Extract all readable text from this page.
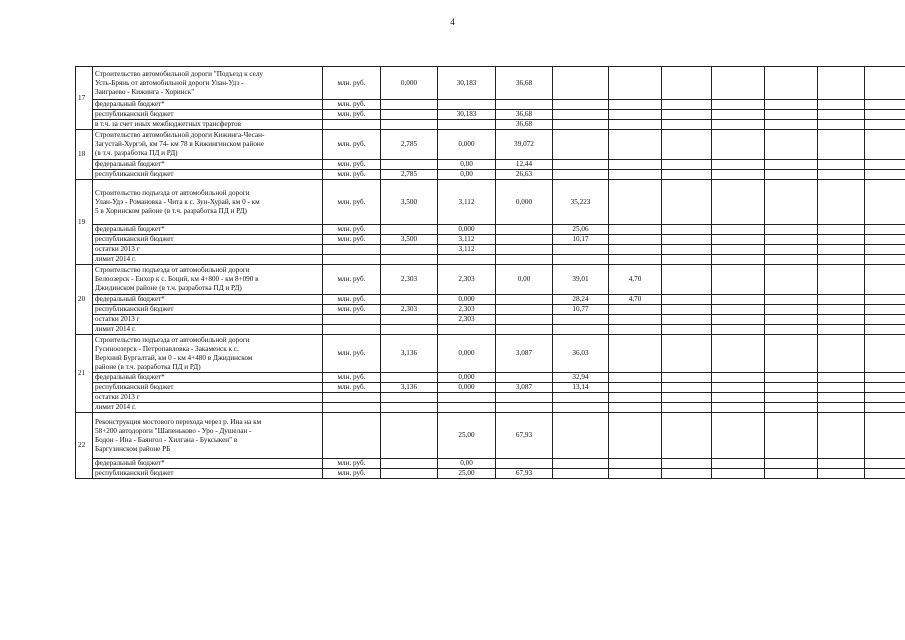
4
17	Строительство автомобильной дороги "Подъезд к селу
Усть-Брянь от автомобильной дороги Улан-Удэ -
Заиграево - Кижинга - Хоринск"	млн. руб.	0,000	30,183	36,68							

	федеральный бюджет*	млн. руб.										

	республиканский бюджет	млн. руб.		30,183	36,68							

	в т.ч. за счет иных межбюджетных трансфертов				36,68							
18	Строительство автомобильной дороги Кижинга-Чесан-
Загустай-Хургэй, км 74- км 78 в Кижингинском районе
(в т.ч. разработка ПД и РД)	млн. руб.	2,785	0,000	39,072							

	федеральный бюджет*	млн. руб.		0,00	12,44							

	республиканский бюджет	млн. руб.	2,785	0,00	26,63							
19	Строительство подъезда от автомобильной дороги
Улан-Удэ - Романовка - Чита к с. Зун-Хурай, км 0 - км
5 в Хоринском районе (в т.ч. разработка ПД и РД)	млн. руб.	3,500	3,112	0,000	35,223						

	федеральный бюджет*	млн. руб.		0,000		25,06						

	республиканский бюджет	млн. руб.	3,500	3,112		10,17						

	остатки 2013 г			3,112								

	лимит 2014 г.											

20	Строительство подъезда от автомобильной дороги
Белоозерск - Енхор к с. Боций, км 4+800 - км 8+090 в
Джидинском районе (в т.ч. разработка ПД и РД)	млн. руб.	2,303	2,303	0,00	39,01	4,70					

	федеральный бюджет*	млн. руб.		0,000		28,24	4,70					

	республиканский бюджет	млн. руб.	2,303	2,303		10,77						

	остатки 2013 г			2,303								

	лимит 2014 г.											

21	Строительство подъезда от автомобильной дороги
Гусиноозерск - Петропавловка - Закаменск к с.
Верхний Бургалтай, км 0 - км 4+480 в Джидинском
районе (в т.ч. разработка ПД и РД)	млн. руб.	3,136	0,000	3,087	36,03						

	федеральный бюджет*	млн. руб.		0,000		32,94						

	республиканский бюджет	млн. руб.	3,136	0,000	3,087	13,14						

	остатки 2013 г											

	лимит 2014 г.											

22	Реконструкция мостового перехода через р. Ина на км
58+200 автодороги "Шапеньково - Уро - Душелан -
Бодон - Ина - Баянгол - Хилгана - Буксыкен" в
Баргузинском районе РБ			25,00	67,93							

	федеральный бюджет*	млн. руб.		0,00								

	республиканский бюджет	млн. руб.		25,00	67,93							
